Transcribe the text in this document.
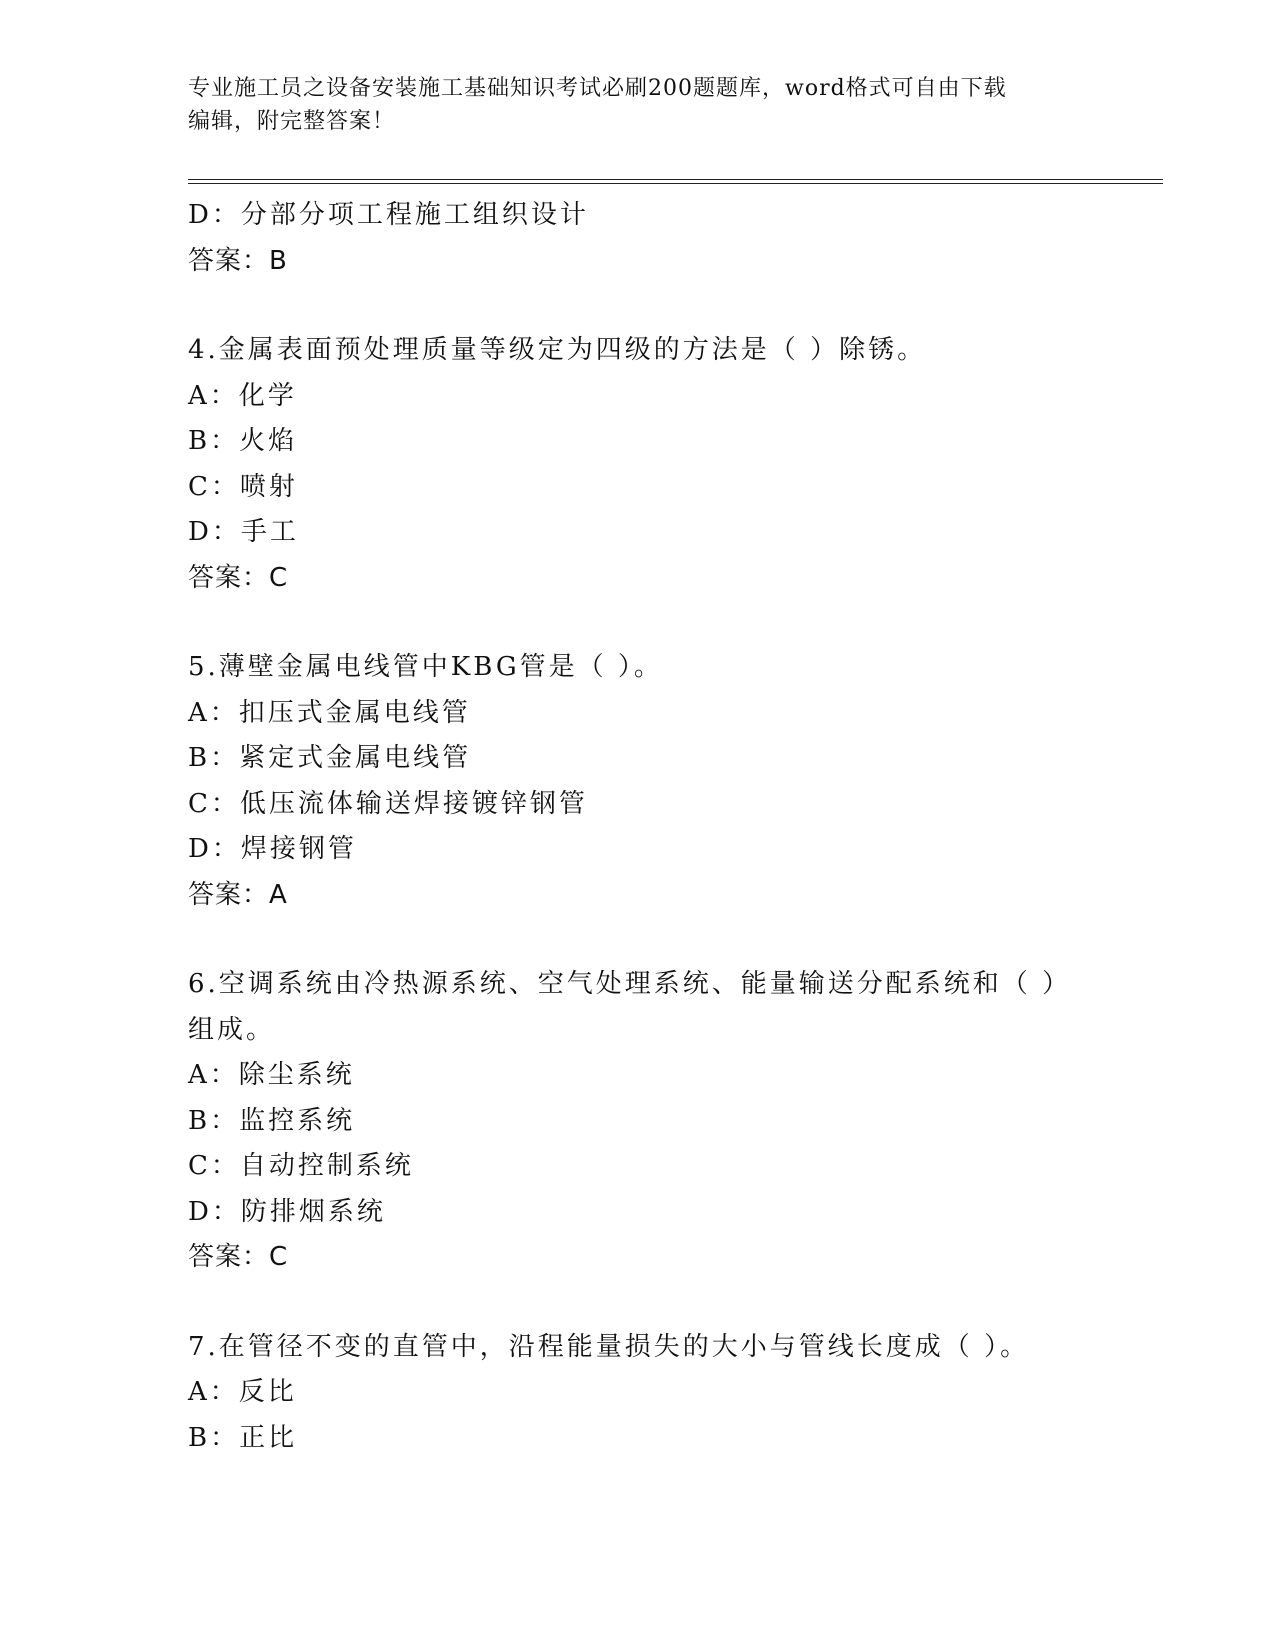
专业施工员之设备安装施工基础知识考试必刷200题题库，word格式可自由下载
编辑，附完整答案！
D：分部分项工程施工组织设计
答案：B
4.金属表面预处理质量等级定为四级的方法是（ ）除锈。
A：化学
B：火焰
C：喷射
D：手工
答案：C
5.薄壁金属电线管中KBG管是（ ）。
A：扣压式金属电线管
B：紧定式金属电线管
C：低压流体输送焊接镀锌钢管
D：焊接钢管
答案：A
6.空调系统由冷热源系统、空气处理系统、能量输送分配系统和（ ）
组成。
A：除尘系统
B：监控系统
C：自动控制系统
D：防排烟系统
答案：C
7.在管径不变的直管中，沿程能量损失的大小与管线长度成（ ）。
A：反比
B：正比
